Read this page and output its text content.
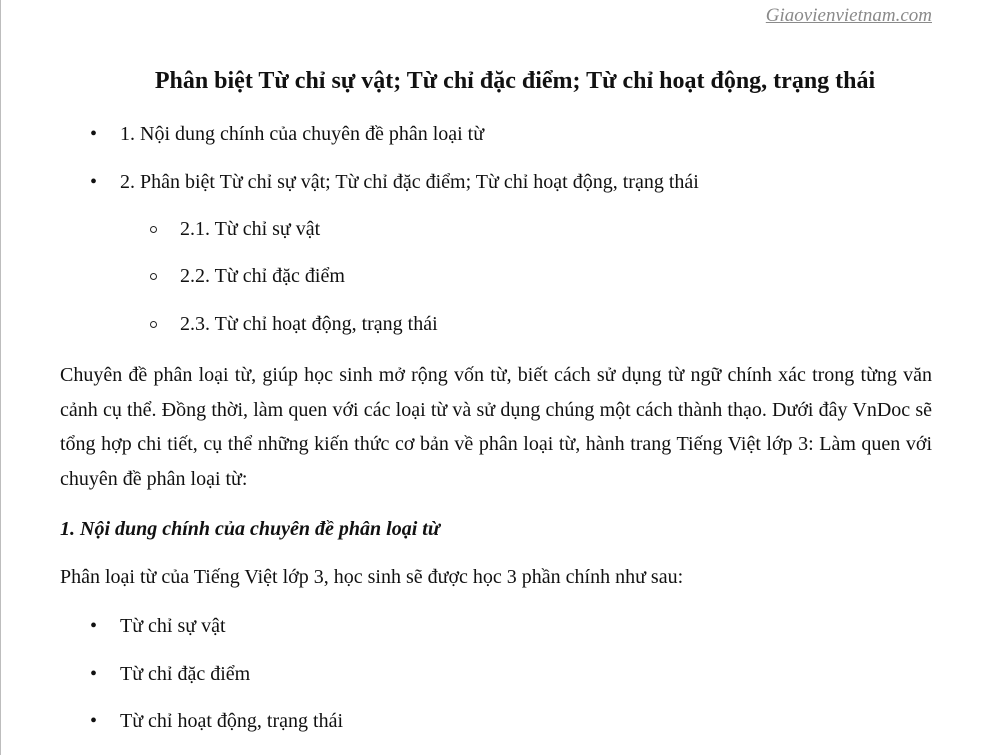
Giaovienvietnam.com
Phân biệt Từ chỉ sự vật; Từ chỉ đặc điểm; Từ chỉ hoạt động, trạng thái
• 1. Nội dung chính của chuyên đề phân loại từ
• 2. Phân biệt Từ chỉ sự vật; Từ chỉ đặc điểm; Từ chỉ hoạt động, trạng thái
2.1. Từ chỉ sự vật
2.2. Từ chỉ đặc điểm
2.3. Từ chỉ hoạt động, trạng thái

Chuyên đề phân loại từ, giúp học sinh mở rộng vốn từ, biết cách sử dụng từ ngữ chính xác trong từng văn cảnh cụ thể. Đồng thời, làm quen với các loại từ và sử dụng chúng một cách thành thạo. Dưới đây VnDoc sẽ tổng hợp chi tiết, cụ thể những kiến thức cơ bản về phân loại từ, hành trang Tiếng Việt lớp 3: Làm quen với chuyên đề phân loại từ:

1. Nội dung chính của chuyên đề phân loại từ

Phân loại từ của Tiếng Việt lớp 3, học sinh sẽ được học 3 phần chính như sau:

• Từ chỉ sự vật
• Từ chỉ đặc điểm
• Từ chỉ hoạt động, trạng thái
